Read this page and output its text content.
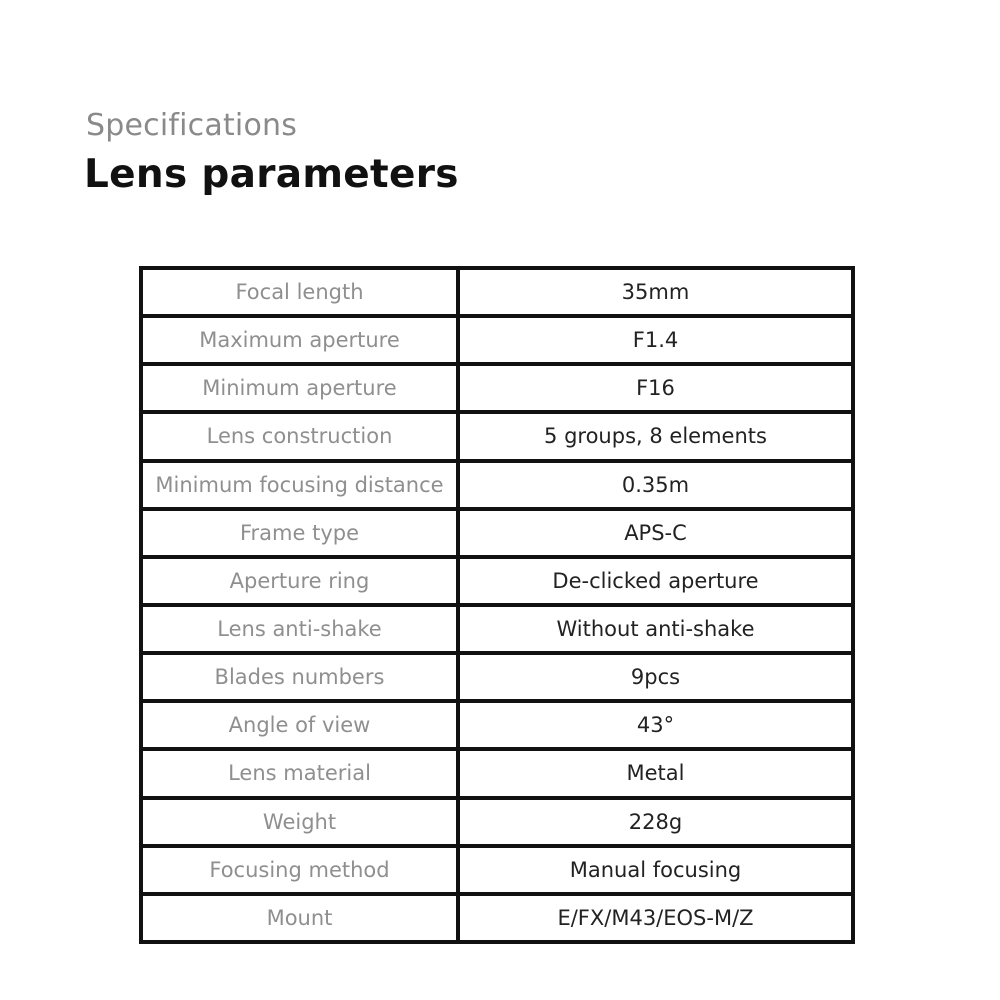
Specifications
Lens parameters
Focal length	35mm
Maximum aperture	F1.4
Minimum aperture	F16
Lens construction	5 groups, 8 elements
Minimum focusing distance	0.35m
Frame type	APS-C
Aperture ring	De-clicked aperture
Lens anti-shake	Without anti-shake
Blades numbers	9pcs
Angle of view	43°
Lens material	Metal
Weight	228g
Focusing method	Manual focusing
Mount	E/FX/M43/EOS-M/Z
